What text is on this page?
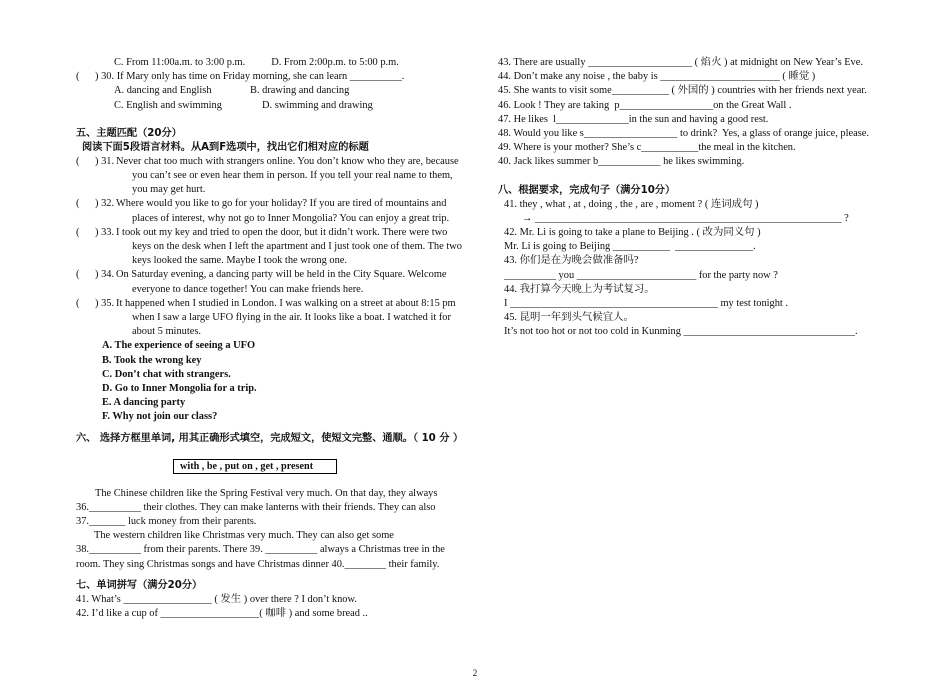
C. From 11:00a.m. to 3:00 p.m. D. From 2:00p.m. to 5:00 p.m.
(      ) 30. If Mary only has time on Friday morning, she can learn __________.
A. dancing and English	B. drawing and dancing
C. English and swimming	D. swimming and drawing
五、主题匹配（20分）
阅读下面5段语言材料。从A到F选项中，找出它们相对应的标题
(      ) 31. Never chat too much with strangers online. You don’t know who they are, because
you can’t see or even hear them in person. If you tell your real name to them,
you may get hurt.
(      ) 32. Where would you like to go for your holiday? If you are tired of mountains and
places of interest, why not go to Inner Mongolia? You can enjoy a great trip.
(      ) 33. I took out my key and tried to open the door, but it didn’t work. There were two
keys on the desk when I left the apartment and I just took one of them. The two
keys looked the same. Maybe I took the wrong one.
(      ) 34. On Saturday evening, a dancing party will be held in the City Square. Welcome
everyone to dance together! You can make friends here.
(      ) 35. It happened when I studied in London. I was walking on a street at about 8:15 pm
when I saw a large UFO flying in the air. It looks like a boat. I watched it for
about 5 minutes.
A. The experience of seeing a UFO
B. Took the wrong key
C. Don’t chat with strangers.
D. Go to Inner Mongolia for a trip.
E. A dancing party
F. Why not join our class?
六、 选择方框里单词, 用其正确形式填空，完成短文，使短文完整、通顺。（ 10 分 ）
with , be , put on , get , present
The Chinese children like the Spring Festival very much. On that day, they always
36.__________ their clothes. They can make lanterns with their friends. They can also
37._______ luck money from their parents.
The western children like Christmas very much. They can also get some
38.__________ from their parents. There 39. __________ always a Christmas tree in the
room. They sing Christmas songs and have Christmas dinner 40.________ their family.
七、单词拼写（满分20分）
41. What’s _________________ ( 发生 ) over there ? I don’t know.
42. I’d like a cup of ___________________( 咖啡 ) and some bread ..
43. There are usually ____________________ ( 焰火 ) at midnight on New Year’s Eve.
44. Don’t make any noise , the baby is _______________________ ( 睡觉 )
45. She wants to visit some___________ ( 外国的 ) countries with her friends next year.
46. Look ! They are taking  p__________________on the Great Wall .
47. He likes  l______________in the sun and having a good rest.
48. Would you like s__________________ to drink?  Yes, a glass of orange juice, please.
49. Where is your mother? She’s c___________the meal in the kitchen.
40. Jack likes summer b____________ he likes swimming.
八、根据要求，完成句子（满分10分）
41. they , what , at , doing , the , are , moment ? ( 连词成句 )
→ ___________________________________________________________ ?
42. Mr. Li is going to take a plane to Beijing . ( 改为同义句 )
Mr. Li is going to Beijing ___________  _______________.
43. 你们是在为晚会做准备吗?
__________ you _______________________ for the party now ?
44. 我打算今天晚上为考试复习。
I ________________________________________ my test tonight .
45. 昆明一年到头气候宜人。
It’s not too hot or not too cold in Kunming _________________________________.
2
